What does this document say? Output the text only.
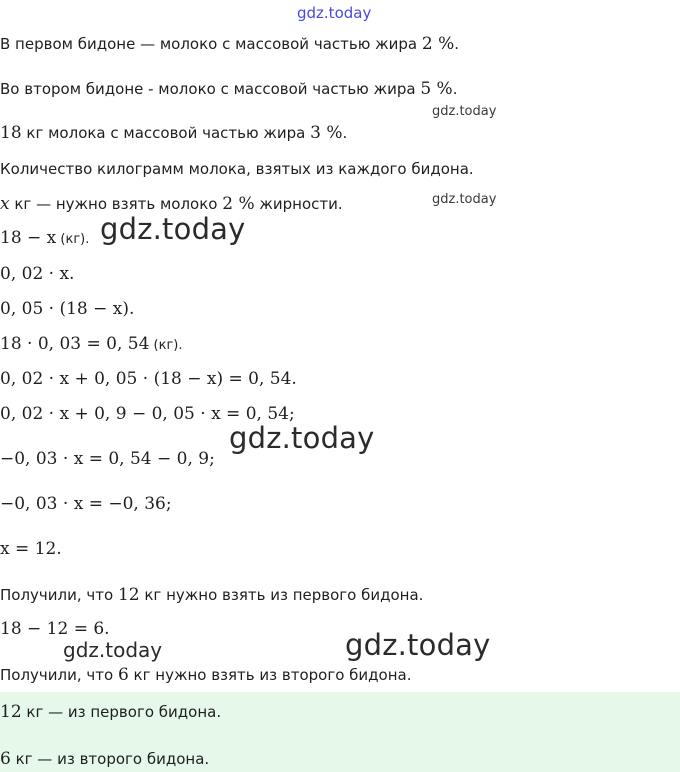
gdz.today
gdz.today
gdz.today
gdz.today
gdz.today
gdz.today	gdz.today
В первом бидоне — молоко с массовой частью жира 2 %.
Во втором бидоне - молоко с массовой частью жира 5 %.
18 кг молока с массовой частью жира 3 %.
Количество килограмм молока, взятых из каждого бидона.
x кг — нужно взять молоко 2 % жирности.
18 − x (кг).
0, 02 · x.
0, 05 · (18 − x).
18 · 0, 03 = 0, 54 (кг).
0, 02 · x + 0, 05 · (18 − x) = 0, 54.
0, 02 · x + 0, 9 − 0, 05 · x = 0, 54;
−0, 03 · x = 0, 54 − 0, 9;
−0, 03 · x = −0, 36;
x = 12.
Получили, что 12 кг нужно взять из первого бидона.
18 − 12 = 6.
Получили, что 6 кг нужно взять из второго бидона.
12 кг — из первого бидона.
6 кг — из второго бидона.
